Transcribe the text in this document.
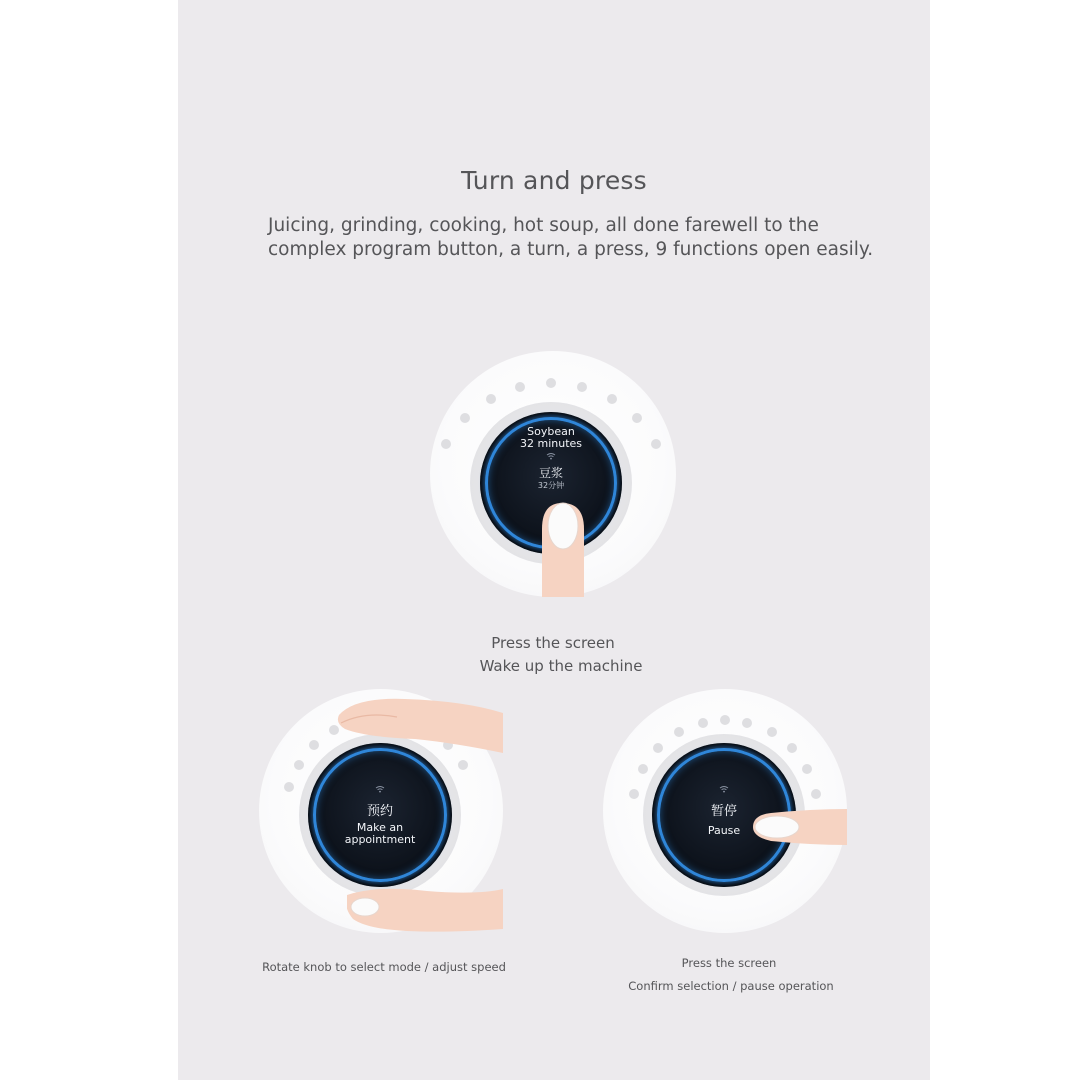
Turn and press
Juicing, grinding, cooking, hot soup, all done farewell to the
complex program button, a turn, a press, 9 functions open easily.
Soybean
32 minutes
豆浆
32分钟
Press the screen
Wake up the machine
预约
Make an
appointment
Rotate knob to select mode / adjust speed
暂停
Pause
Press the screen
Confirm selection / pause operation
